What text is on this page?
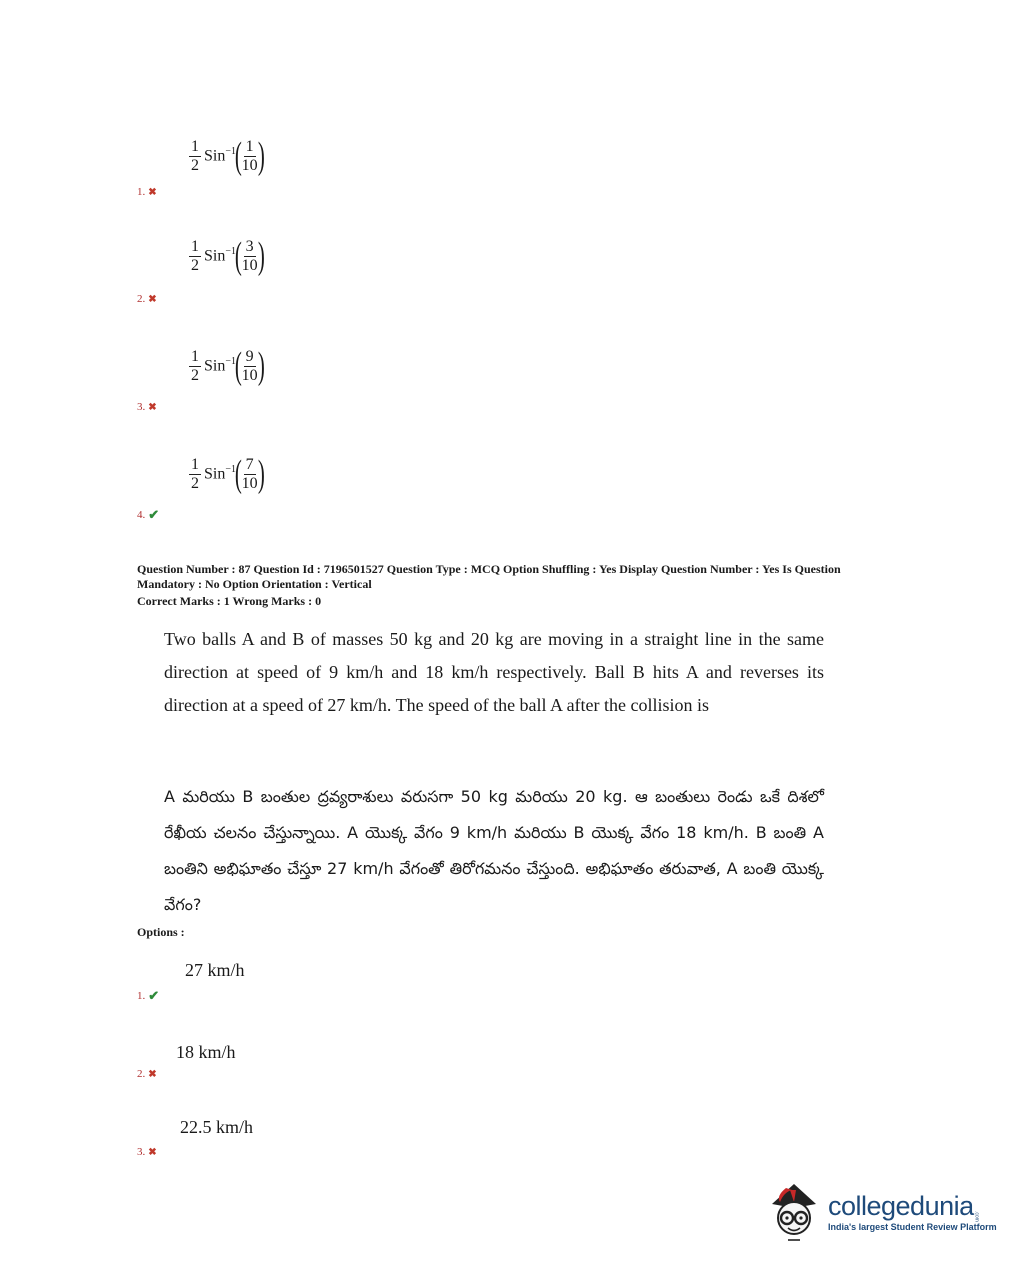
$\frac{1}{2} Sin^{-1}$
( $\frac{1}{10}$ )
1. ✖
$\frac{1}{2} Sin^{-1}$
( $\frac{3}{10}$ )
2. ✖
$\frac{1}{2} Sin^{-1}$
( $\frac{9}{10}$ )
3. ✖
$\frac{1}{2} Sin^{-1}$
( $\frac{7}{10}$ )
4. ✔
Question Number : 87 Question Id : 7196501527 Question Type : MCQ Option Shuffling : Yes Display Question Number : Yes Is Question
Mandatory : No Option Orientation : Vertical
Correct Marks : 1 Wrong Marks : 0

Two balls A and B of masses 50 kg and 20 kg are moving in a straight line in the same direction at speed of 9 km/h and 18 km/h respectively. Ball B hits A and reverses its direction at a speed of 27 km/h. The speed of the ball A after the collision is

A మరియు B బంతుల ద్రవ్యరాశులు వరుసగా 50 kg మరియు 20 kg. ఆ బంతులు రెండు ఒకే దిశలో రేఖీయ చలనం చేస్తున్నాయి. A యొక్క వేగం 9 km/h మరియు B యొక్క వేగం 18 km/h. B బంతి A బంతిని అభిఘాతం చేస్తూ 27 km/h వేగంతో తిరోగమనం చేస్తుంది. అభిఘాతం తరువాత, A బంతి యొక్క వేగం?

Options :
27 km/h
1. ✔
18 km/h
2. ✖
22.5 km/h
3. ✖
collegedunia .com
India's largest Student Review Platform
